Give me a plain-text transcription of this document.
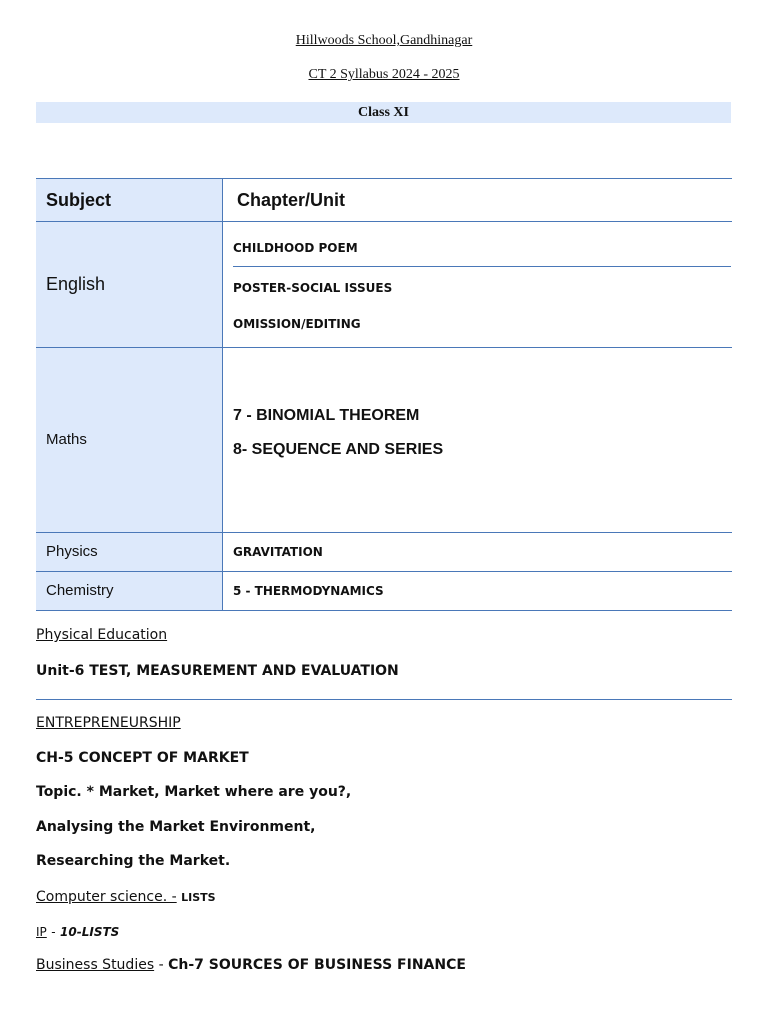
Hillwoods School,Gandhinagar
CT 2 Syllabus 2024 - 2025
Class XI
Subject	Chapter/Unit
English	CHILDHOOD POEM
POSTER-SOCIAL ISSUES
OMISSION/EDITING

Maths	7 - BINOMIAL THEOREM
8- SEQUENCE AND SERIES

Physics	GRAVITATION
Chemistry	5 - THERMODYNAMICS
Physical Education
Unit-6 TEST, MEASUREMENT AND EVALUATION
ENTREPRENEURSHIP
CH-5 CONCEPT OF MARKET
Topic. * Market, Market where are you?,
Analysing the Market Environment,
Researching the Market.
Computer science. - LISTS
IP - 10-LISTS
Business Studies - Ch-7 SOURCES OF BUSINESS FINANCE
